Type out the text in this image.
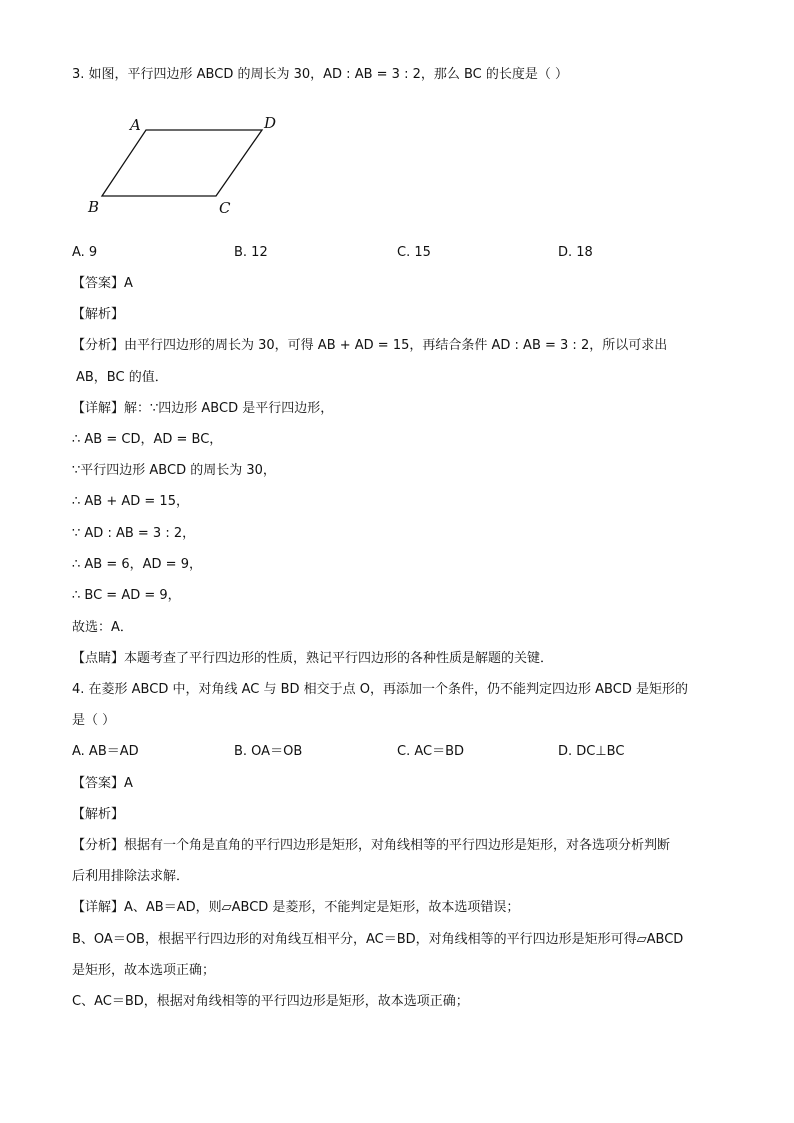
3. 如图，平行四边形 ABCD 的周长为 30，AD : AB = 3 : 2，那么 BC 的长度是（ ）
A	D
B	C
A. 9	B. 12	C. 15	D. 18
【答案】A
【解析】
【分析】由平行四边形的周长为 30，可得 AB + AD = 15，再结合条件 AD : AB = 3 : 2，所以可求出
AB，BC 的值．
【详解】解：∵四边形 ABCD 是平行四边形，
∴ AB = CD，AD = BC，
∵平行四边形 ABCD 的周长为 30，
∴ AB + AD = 15，
∵ AD : AB = 3 : 2，
∴ AB = 6，AD = 9，
∴ BC = AD = 9，
故选：A．
【点睛】本题考查了平行四边形的性质，熟记平行四边形的各种性质是解题的关键．
4. 在菱形 ABCD 中，对角线 AC 与 BD 相交于点 O，再添加一个条件，仍不能判定四边形 ABCD 是矩形的
是（ ）
A. AB＝AD	B. OA＝OB	C. AC＝BD	D. DC⊥BC
【答案】A
【解析】
【分析】根据有一个角是直角的平行四边形是矩形，对角线相等的平行四边形是矩形，对各选项分析判断
后利用排除法求解．
【详解】A、AB＝AD，则▱ABCD 是菱形，不能判定是矩形，故本选项错误；
B、OA＝OB，根据平行四边形的对角线互相平分，AC＝BD，对角线相等的平行四边形是矩形可得▱ABCD
是矩形，故本选项正确；
C、AC＝BD，根据对角线相等的平行四边形是矩形，故本选项正确；
